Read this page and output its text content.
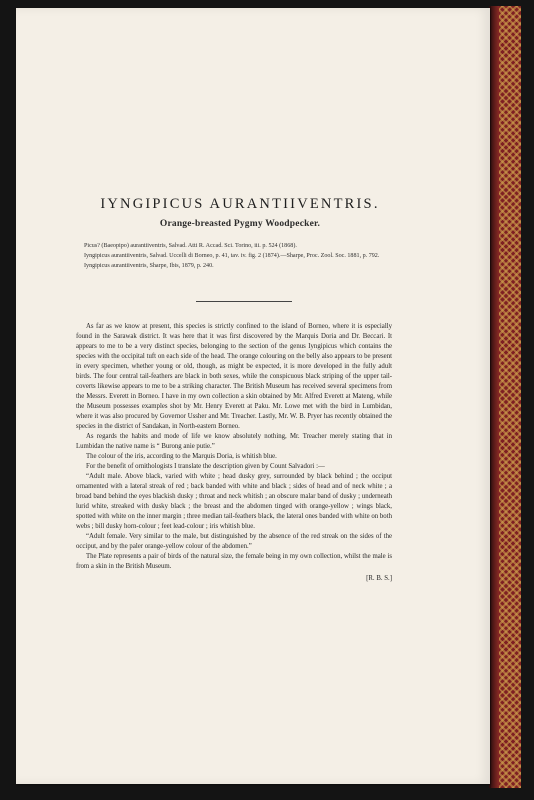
IYNGIPICUS AURANTIIVENTRIS.
Orange-breasted Pygmy Woodpecker.
Picus? (Baeopipo) aurantiiventris, Salvad. Atti R. Accad. Sci. Torino, iii. p. 524 (1868).
Iyngipicus aurantiiventris, Salvad. Uccelli di Borneo, p. 41, tav. iv. fig. 2 (1874).—Sharpe, Proc. Zool. Soc. 1881, p. 792.
Iyngipicus aurantiiventris, Sharpe, Ibis, 1879, p. 240.

As far as we know at present, this species is strictly confined to the island of Borneo, where it is especially found in the Sarawak district. It was here that it was first discovered by the Marquis Doria and Dr. Beccari. It appears to me to be a very distinct species, belonging to the section of the genus Iyngipicus which contains the species with the occipital tuft on each side of the head. The orange colouring on the belly also appears to be present in every specimen, whether young or old, though, as might be expected, it is more developed in the fully adult birds. The four central tail-feathers are black in both sexes, while the conspicuous black striping of the upper tail-coverts likewise appears to me to be a striking character. The British Museum has received several specimens from the Messrs. Everett in Borneo. I have in my own collection a skin obtained by Mr. Alfred Everett at Mateng, while the Museum possesses examples shot by Mr. Henry Everett at Paku. Mr. Lowe met with the bird in Lumbidan, where it was also procured by Governor Ussher and Mr. Treacher. Lastly, Mr. W. B. Pryer has recently obtained the species in the district of Sandakan, in North-eastern Borneo.

As regards the habits and mode of life we know absolutely nothing, Mr. Treacher merely stating that in Lumbidan the native name is “ Burong anie putie.”

The colour of the iris, according to the Marquis Doria, is whitish blue.

For the benefit of ornithologists I translate the description given by Count Salvadori :—

“Adult male. Above black, varied with white ; head dusky grey, surrounded by black behind ; the occiput ornamented with a lateral streak of red ; back banded with white and black ; sides of head and of neck white ; a broad band behind the eyes blackish dusky ; throat and neck whitish ; an obscure malar band of dusky ; underneath lurid white, streaked with dusky black ; the breast and the abdomen tinged with orange-yellow ; wings black, spotted with white on the inner margin ; three median tail-feathers black, the lateral ones banded with white on both webs ; bill dusky horn-colour ; feet lead-colour ; iris whitish blue.

“Adult female. Very similar to the male, but distinguished by the absence of the red streak on the sides of the occiput, and by the paler orange-yellow colour of the abdomen.”

The Plate represents a pair of birds of the natural size, the female being in my own collection, whilst the male is from a skin in the British Museum.

[R. B. S.]
